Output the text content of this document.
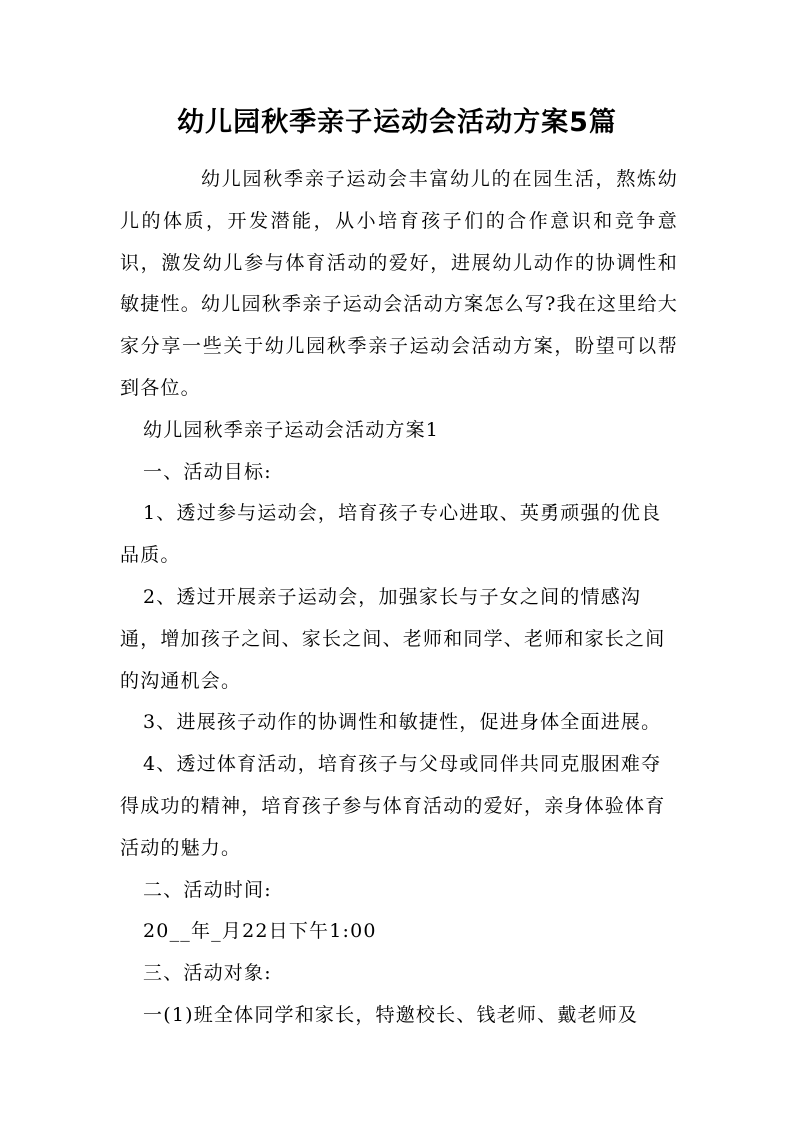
幼儿园秋季亲子运动会活动方案5篇

幼儿园秋季亲子运动会丰富幼儿的在园生活，熬炼幼儿的体质，开发潜能，从小培育孩子们的合作意识和竞争意识，激发幼儿参与体育活动的爱好，进展幼儿动作的协调性和敏捷性。幼儿园秋季亲子运动会活动方案怎么写?我在这里给大家分享一些关于幼儿园秋季亲子运动会活动方案，盼望可以帮到各位。

幼儿园秋季亲子运动会活动方案1

一、活动目标:

1、透过参与运动会，培育孩子专心进取、英勇顽强的优良品质。

2、透过开展亲子运动会，加强家长与子女之间的情感沟通，增加孩子之间、家长之间、老师和同学、老师和家长之间的沟通机会。

3、进展孩子动作的协调性和敏捷性，促进身体全面进展。

4、透过体育活动，培育孩子与父母或同伴共同克服困难夺得成功的精神，培育孩子参与体育活动的爱好，亲身体验体育活动的魅力。

二、活动时间:

20__年_月22日下午1:00

三、活动对象:

一(1)班全体同学和家长，特邀校长、钱老师、戴老师及
